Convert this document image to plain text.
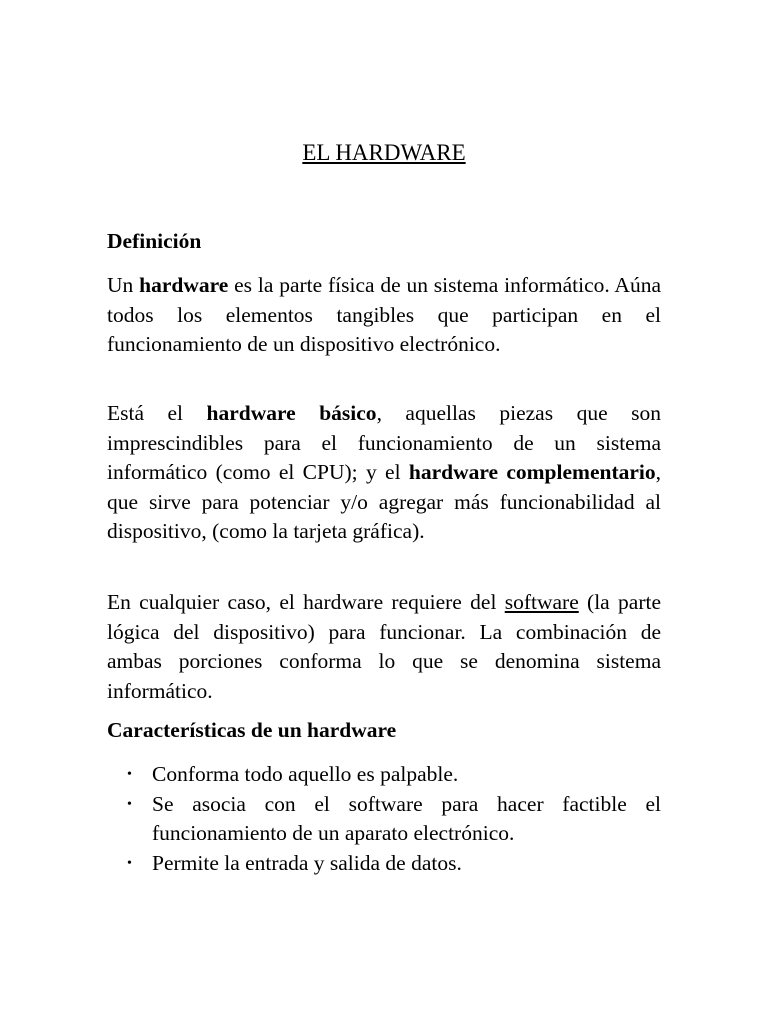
EL HARDWARE
Definición

Un hardware es la parte física de un sistema informático. Aúna todos los elementos tangibles que participan en el funcionamiento de un dispositivo electrónico.

Está el hardware básico, aquellas piezas que son imprescindibles para el funcionamiento de un sistema informático (como el CPU); y el hardware complementario, que sirve para potenciar y/o agregar más funcionabilidad al dispositivo, (como la tarjeta gráfica).

En cualquier caso, el hardware requiere del software (la parte lógica del dispositivo) para funcionar. La combinación de ambas porciones conforma lo que se denomina sistema informático.

Características de un hardware
• Conforma todo aquello es palpable.
• Se asocia con el software para hacer factible el funcionamiento de un aparato electrónico.
• Permite la entrada y salida de datos.
